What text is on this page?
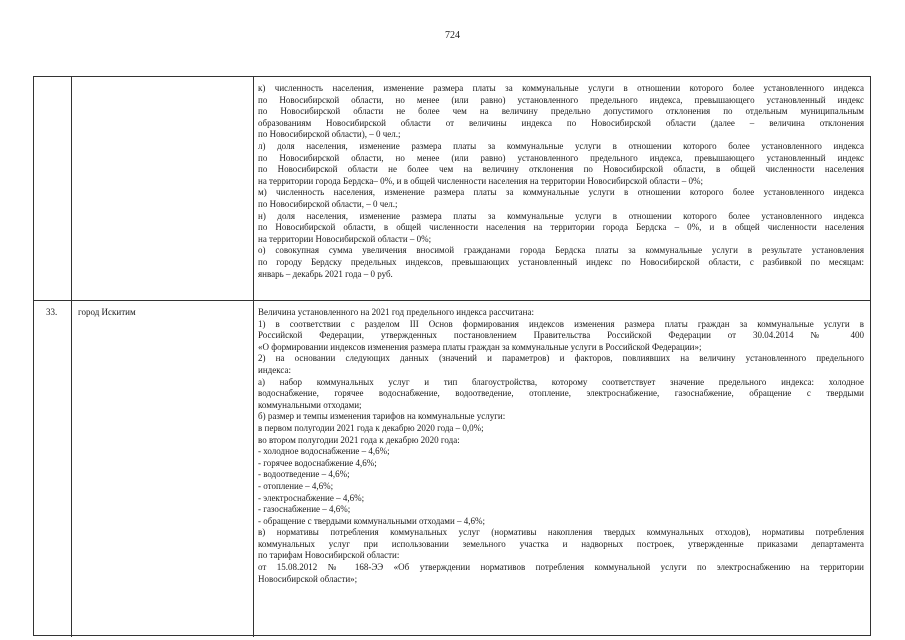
724
к) численность населения, изменение размера платы за коммунальные услуги в отношении которого более установленного индекса
по Новосибирской области, но менее (или равно) установленного предельного индекса, превышающего установленный индекс
по Новосибирской области не более чем на величину предельно допустимого отклонения по отдельным муниципальным
образованиям Новосибирской области от величины индекса по Новосибирской области (далее – величина отклонения
по Новосибирской области), – 0 чел.;
л) доля населения, изменение размера платы за коммунальные услуги в отношении которого более установленного индекса
по Новосибирской области, но менее (или равно) установленного предельного индекса, превышающего установленный индекс
по Новосибирской области не более чем на величину отклонения по Новосибирской области, в общей численности населения
на территории города Бердска– 0%, и в общей численности населения на территории Новосибирской области – 0%;
м) численность населения, изменение размера платы за коммунальные услуги в отношении которого более установленного индекса
по Новосибирской области, – 0 чел.;
н) доля населения, изменение размера платы за коммунальные услуги в отношении которого более установленного индекса
по Новосибирской области, в общей численности населения на территории города Бердска – 0%, и в общей численности населения
на территории Новосибирской области – 0%;
о) совокупная сумма увеличения вносимой гражданами города Бердска платы за коммунальные услуги в результате установления
по городу Бердску предельных индексов, превышающих установленный индекс по Новосибирской области, с разбивкой по месяцам:
январь – декабрь 2021 года – 0 руб.
33.	город Искитим	Величина установленного на 2021 год предельного индекса рассчитана:
1) в соответствии с разделом III Основ формирования индексов изменения размера платы граждан за коммунальные услуги в
Российской Федерации, утвержденных постановлением Правительства Российской Федерации от 30.04.2014 № 400
«О формировании индексов изменения размера платы граждан за коммунальные услуги в Российской Федерации»;
2) на основании следующих данных (значений и параметров) и факторов, повлиявших на величину установленного предельного
индекса:
а) набор коммунальных услуг и тип благоустройства, которому соответствует значение предельного индекса: холодное
водоснабжение, горячее водоснабжение, водоотведение, отопление, электроснабжение, газоснабжение, обращение с твердыми
коммунальными отходами;
б) размер и темпы изменения тарифов на коммунальные услуги:
в первом полугодии 2021 года к декабрю 2020 года – 0,0%;
во втором полугодии 2021 года к декабрю 2020 года:
- холодное водоснабжение – 4,6%;
- горячее водоснабжение 4,6%;
- водоотведение – 4,6%;
- отопление – 4,6%;
- электроснабжение – 4,6%;
- газоснабжение – 4,6%;
- обращение с твердыми коммунальными отходами – 4,6%;
в) нормативы потребления коммунальных услуг (нормативы накопления твердых коммунальных отходов), нормативы потребления
коммунальных услуг при использовании земельного участка и надворных построек, утвержденные приказами департамента
по тарифам Новосибирской области:
от 15.08.2012 № 168-ЭЭ «Об утверждении нормативов потребления коммунальной услуги по электроснабжению на территории
Новосибирской области»;
